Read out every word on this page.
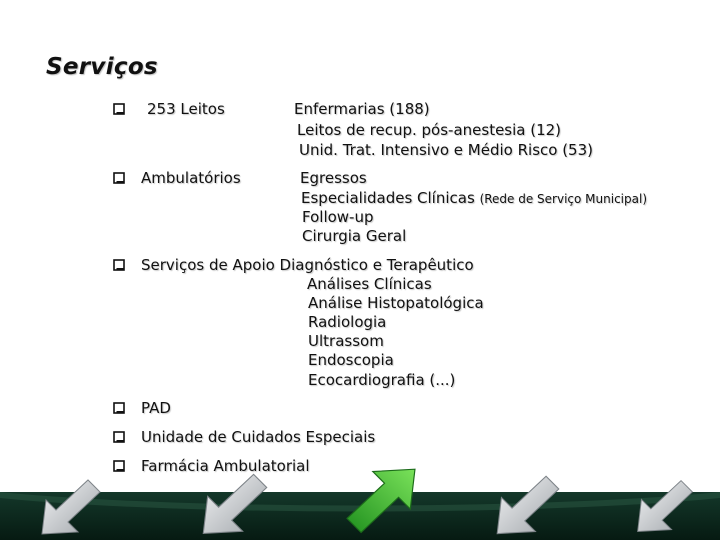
Serviços
253 Leitos	Enfermarias (188)
Leitos de recup. pós-anestesia (12)
Unid. Trat. Intensivo e Médio Risco (53)
Ambulatórios	Egressos
Especialidades Clínicas (Rede de Serviço Municipal)
Follow-up
Cirurgia Geral
Serviços de Apoio Diagnóstico e Terapêutico
Análises Clínicas
Análise Histopatológica
Radiologia
Ultrassom
Endoscopia
Ecocardiografia (...)
PAD
Unidade de Cuidados Especiais
Farmácia Ambulatorial
